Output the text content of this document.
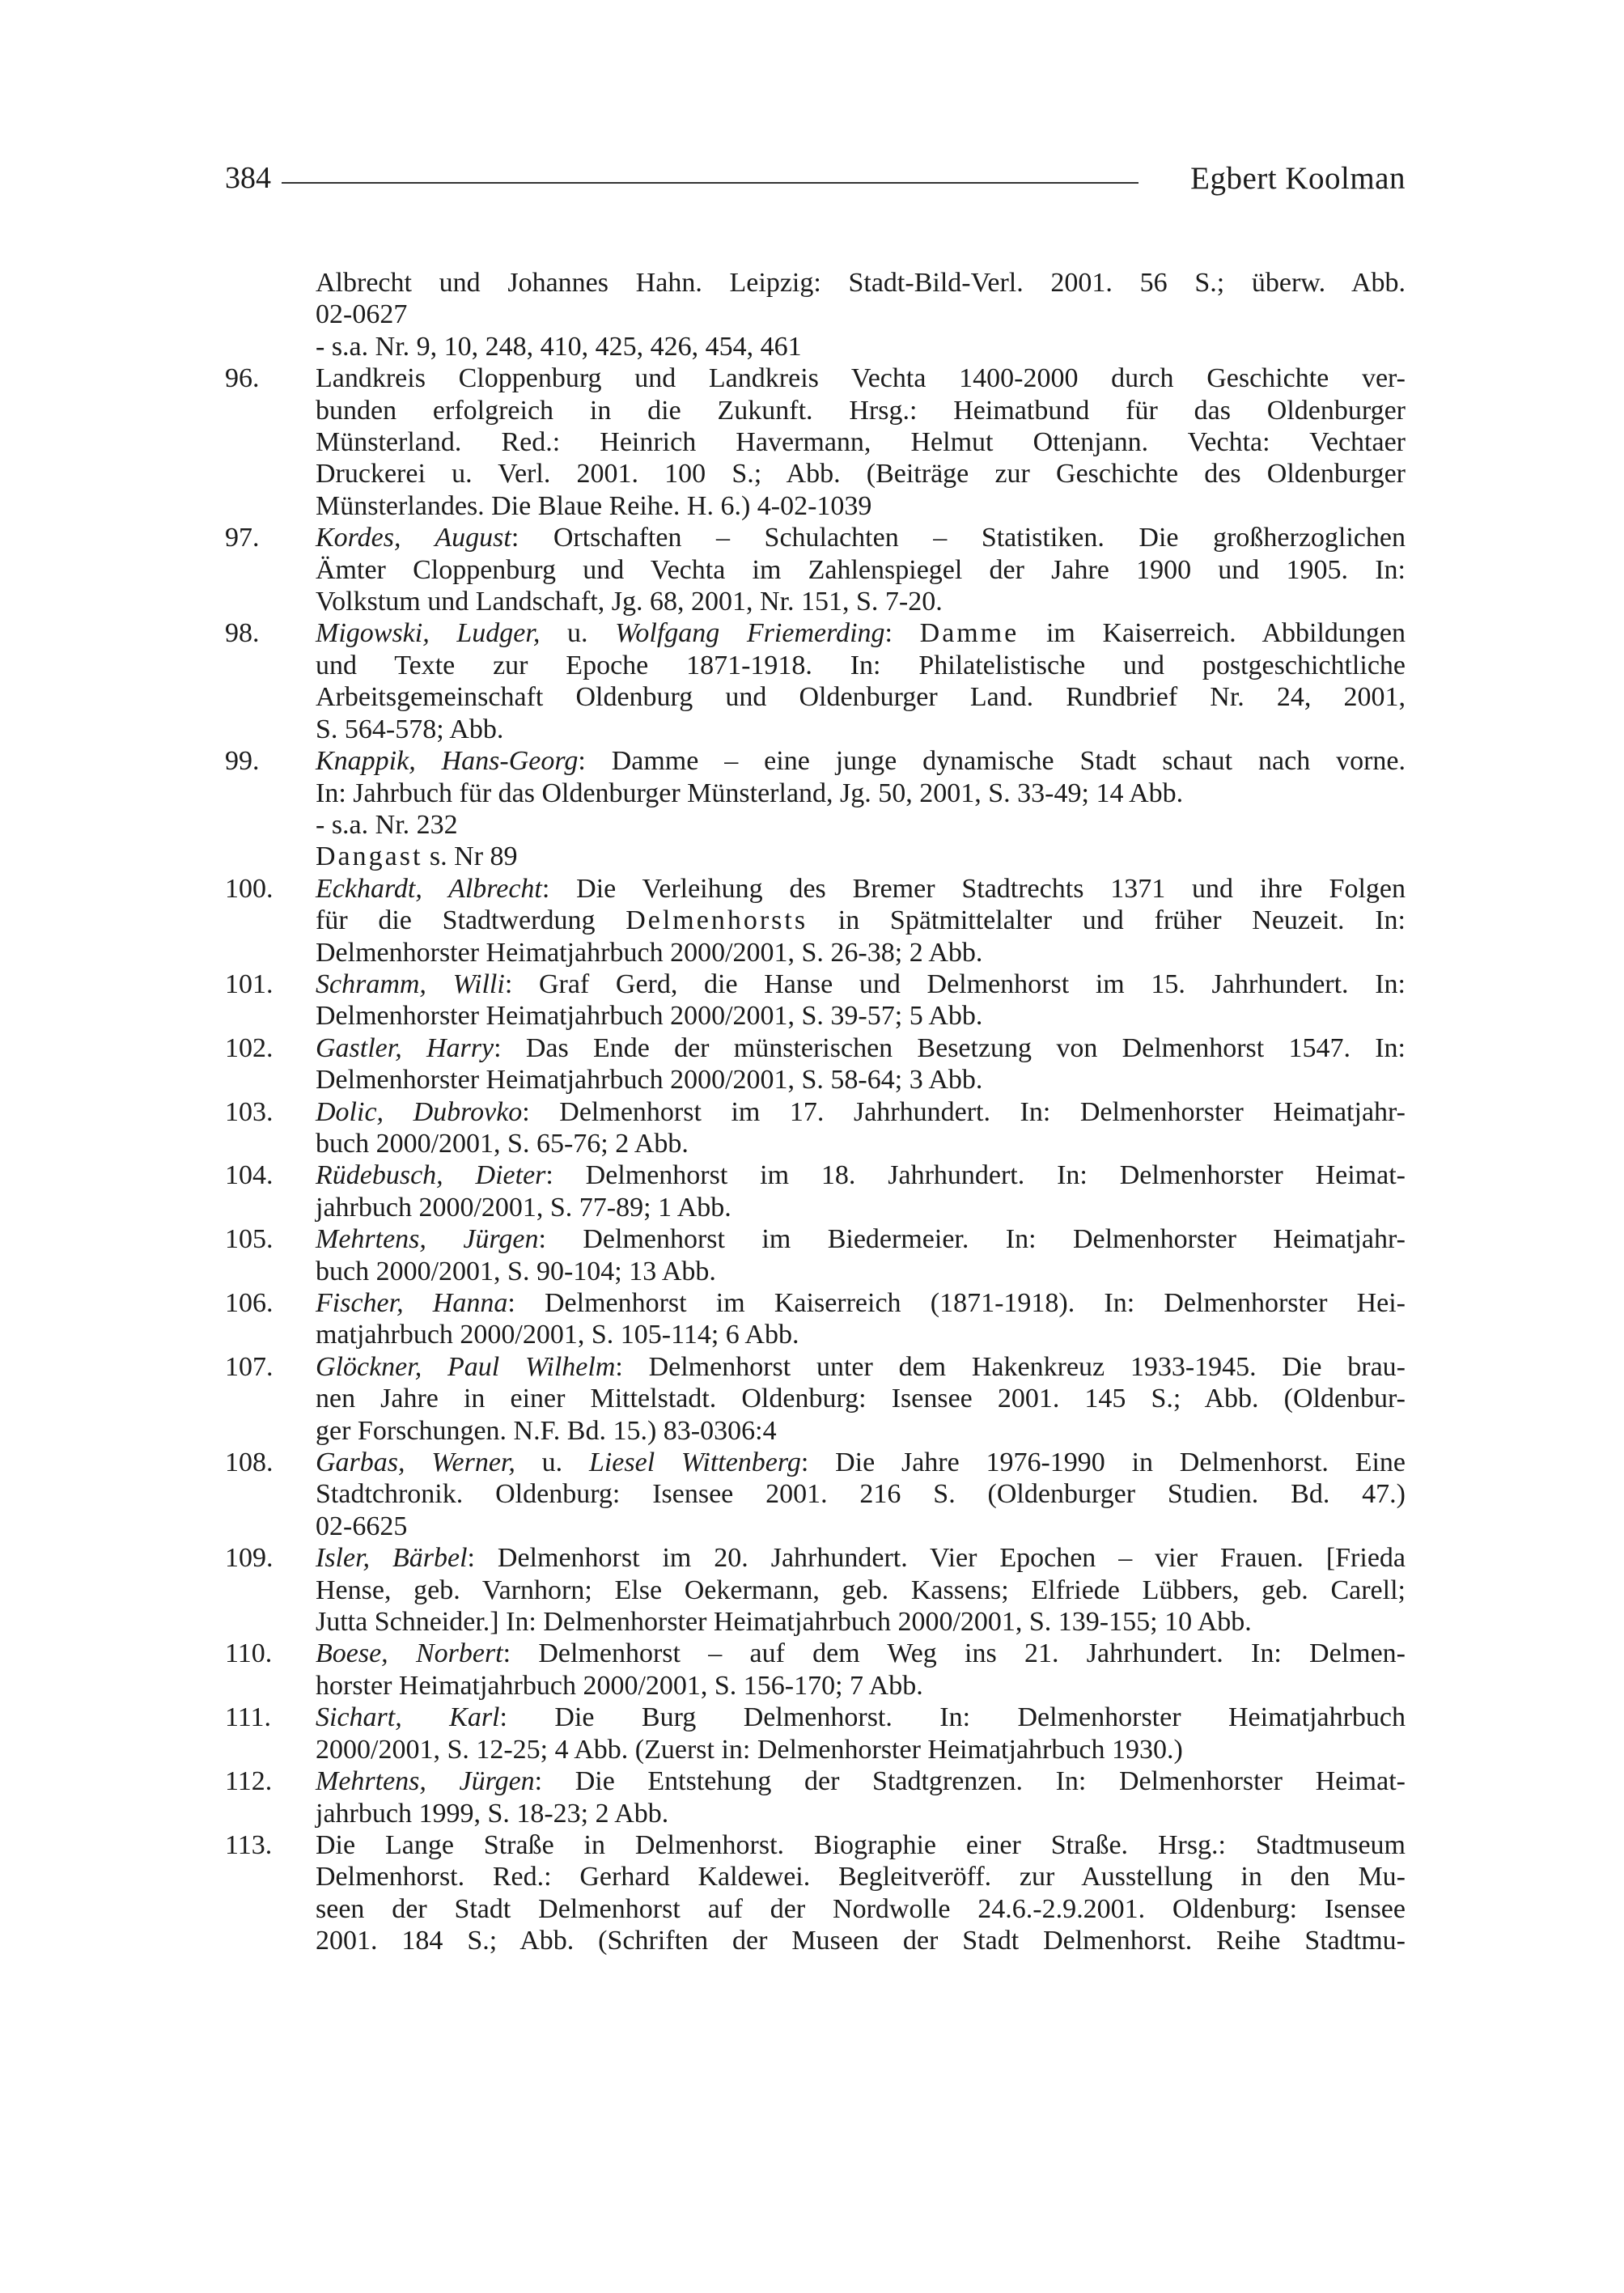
384	Egbert Koolman
Albrecht und Johannes Hahn. Leipzig: Stadt-Bild-Verl. 2001. 56 S.; überw. Abb.
02-0627
- s.a. Nr. 9, 10, 248, 410, 425, 426, 454, 461
96. Landkreis Cloppenburg und Landkreis Vechta 1400-2000 durch Geschichte ver-
bunden erfolgreich in die Zukunft. Hrsg.: Heimatbund für das Oldenburger
Münsterland. Red.: Heinrich Havermann, Helmut Ottenjann. Vechta: Vechtaer
Druckerei u. Verl. 2001. 100 S.; Abb. (Beiträge zur Geschichte des Oldenburger
Münsterlandes. Die Blaue Reihe. H. 6.) 4-02-1039
97. Kordes, August: Ortschaften – Schulachten – Statistiken. Die großherzoglichen
Ämter Cloppenburg und Vechta im Zahlenspiegel der Jahre 1900 und 1905. In:
Volkstum und Landschaft, Jg. 68, 2001, Nr. 151, S. 7-20.
98. Migowski, Ludger, u. Wolfgang Friemerding: Damme im Kaiserreich. Abbildungen
und Texte zur Epoche 1871-1918. In: Philatelistische und postgeschichtliche
Arbeitsgemeinschaft Oldenburg und Oldenburger Land. Rundbrief Nr. 24, 2001,
S. 564-578; Abb.
99. Knappik, Hans-Georg: Damme – eine junge dynamische Stadt schaut nach vorne.
In: Jahrbuch für das Oldenburger Münsterland, Jg. 50, 2001, S. 33-49; 14 Abb.
- s.a. Nr. 232
Dangast s. Nr 89
100. Eckhardt, Albrecht: Die Verleihung des Bremer Stadtrechts 1371 und ihre Folgen
für die Stadtwerdung Delmenhorsts in Spätmittelalter und früher Neuzeit. In:
Delmenhorster Heimatjahrbuch 2000/2001, S. 26-38; 2 Abb.
101. Schramm, Willi: Graf Gerd, die Hanse und Delmenhorst im 15. Jahrhundert. In:
Delmenhorster Heimatjahrbuch 2000/2001, S. 39-57; 5 Abb.
102. Gastler, Harry: Das Ende der münsterischen Besetzung von Delmenhorst 1547. In:
Delmenhorster Heimatjahrbuch 2000/2001, S. 58-64; 3 Abb.
103. Dolic, Dubrovko: Delmenhorst im 17. Jahrhundert. In: Delmenhorster Heimatjahr-
buch 2000/2001, S. 65-76; 2 Abb.
104. Rüdebusch, Dieter: Delmenhorst im 18. Jahrhundert. In: Delmenhorster Heimat-
jahrbuch 2000/2001, S. 77-89; 1 Abb.
105. Mehrtens, Jürgen: Delmenhorst im Biedermeier. In: Delmenhorster Heimatjahr-
buch 2000/2001, S. 90-104; 13 Abb.
106. Fischer, Hanna: Delmenhorst im Kaiserreich (1871-1918). In: Delmenhorster Hei-
matjahrbuch 2000/2001, S. 105-114; 6 Abb.
107. Glöckner, Paul Wilhelm: Delmenhorst unter dem Hakenkreuz 1933-1945. Die brau-
nen Jahre in einer Mittelstadt. Oldenburg: Isensee 2001. 145 S.; Abb. (Oldenbur-
ger Forschungen. N.F. Bd. 15.) 83-0306:4
108. Garbas, Werner, u. Liesel Wittenberg: Die Jahre 1976-1990 in Delmenhorst. Eine
Stadtchronik. Oldenburg: Isensee 2001. 216 S. (Oldenburger Studien. Bd. 47.)
02-6625
109. Isler, Bärbel: Delmenhorst im 20. Jahrhundert. Vier Epochen – vier Frauen. [Frieda
Hense, geb. Varnhorn; Else Oekermann, geb. Kassens; Elfriede Lübbers, geb. Carell;
Jutta Schneider.] In: Delmenhorster Heimatjahrbuch 2000/2001, S. 139-155; 10 Abb.
110. Boese, Norbert: Delmenhorst – auf dem Weg ins 21. Jahrhundert. In: Delmen-
horster Heimatjahrbuch 2000/2001, S. 156-170; 7 Abb.
111. Sichart, Karl: Die Burg Delmenhorst. In: Delmenhorster Heimatjahrbuch
2000/2001, S. 12-25; 4 Abb. (Zuerst in: Delmenhorster Heimatjahrbuch 1930.)
112. Mehrtens, Jürgen: Die Entstehung der Stadtgrenzen. In: Delmenhorster Heimat-
jahrbuch 1999, S. 18-23; 2 Abb.
113. Die Lange Straße in Delmenhorst. Biographie einer Straße. Hrsg.: Stadtmuseum
Delmenhorst. Red.: Gerhard Kaldewei. Begleitveröff. zur Ausstellung in den Mu-
seen der Stadt Delmenhorst auf der Nordwolle 24.6.-2.9.2001. Oldenburg: Isensee
2001. 184 S.; Abb. (Schriften der Museen der Stadt Delmenhorst. Reihe Stadtmu-
